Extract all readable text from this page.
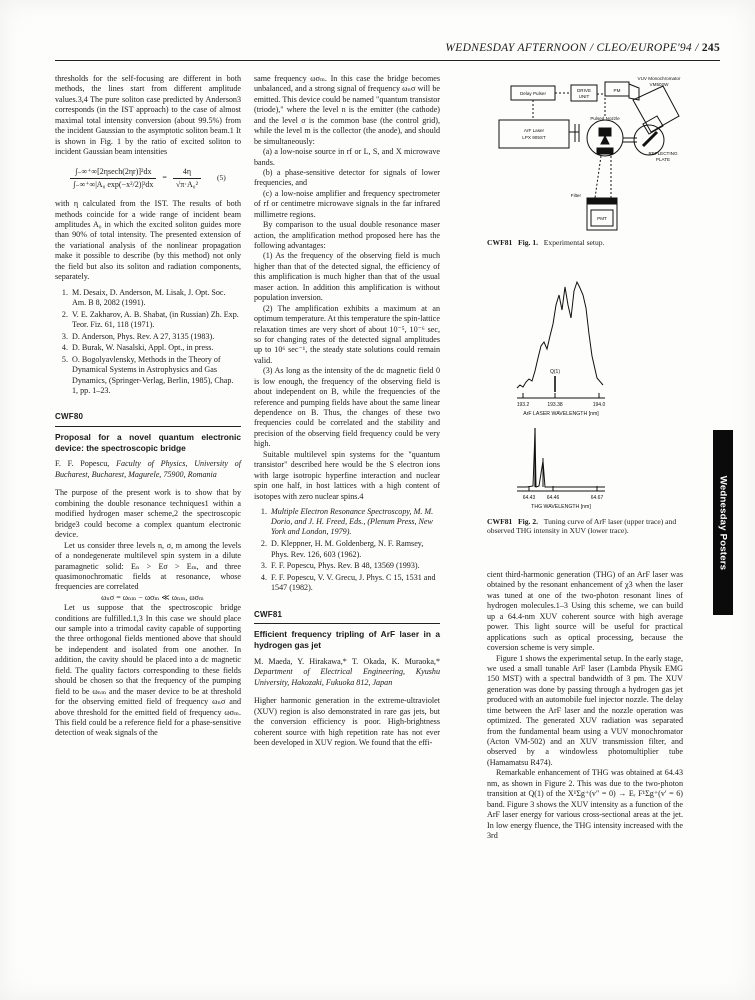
WEDNESDAY AFTERNOON / CLEO/EUROPE'94 / 245

thresholds for the self-focusing are different in both methods, the lines start from different amplitude values.3,4 The pure soliton case predicted by Anderson3 corresponds (in the IST approach) to the case of almost maximal total intensity conversion (about 99.5%) from the incident Gaussian to the asymptotic soliton beam.1 It is shown in Fig. 1 by the ratio of excited soliton to incident Gaussian beam intensities

$\frac{\text{∫₋∞⁺∞[2ηsech(2ηr)]²dx}}{\text{∫₋∞⁺∞|A₀ exp(−x²/2)|²dx}} = \frac{4\eta}{\text{√π·A₀²}} (5)$

with η calculated from the IST. The results of both methods coincide for a wide range of incident beam amplitudes A₀ in which the excited soliton guides more than 90% of total intensity. The presented extension of the variational analysis of the nonlinear propagation make it possible to describe (by this method) not only the field but also its soliton and radiation components, separately.

1. M. Desaix, D. Anderson, M. Lisak, J. Opt. Soc. Am. B 8, 2082 (1991).
2. V. E. Zakharov, A. B. Shabat, (in Russian) Zh. Exp. Teor. Fiz. 61, 118 (1971).
3. D. Anderson, Phys. Rev. A 27, 3135 (1983).
4. D. Burak, W. Nasalski, Appl. Opt., in press.
5. O. Bogolyavlensky, Methods in the Theory of Dynamical Systems in Astrophysics and Gas Dynamics, (Springer-Verlag, Berlin, 1985), Chap. 1, pp. 1–23.
CWF80
Proposal for a novel quantum electronic device: the spectroscopic bridge
F. F. Popescu, Faculty of Physics, University of Bucharest, Bucharest, Magurele, 75900, Romania

The purpose of the present work is to show that by combining the double resonance techniques1 within a modified hydrogen maser scheme,2 the spectroscopic bridge3 could become a complex quantum electronic device.

Let us consider three levels n, σ, m among the levels of a nondegenerate multilevel spin system in a dilute paramagnetic solid: Eₙ > Eσ > Eₘ, and three quasimonochromatic fields at resonance, whose frequencies are correlated

ωₙσ = ωₙₘ − ωσₘ ≪ ωₙₘ, ωσₘ

Let us suppose that the spectroscopic bridge conditions are fulfilled.1,3 In this case we should place our sample into a trimodal cavity capable of supporting the three orthogonal fields mentioned above that should be independent and isolated from one another. In addition, the cavity should be placed into a dc magnetic field. The quality factors corresponding to these fields should be chosen so that the frequency of the pumping field to be ωₙₘ and the maser device to be at threshold for the observing emitted field of frequency ωₙσ and above threshold for the emitted field of frequency ωσₘ. This field could be a reference field for a phase-sensitive detection of weak signals of the

same frequency ωσₘ. In this case the bridge becomes unbalanced, and a strong signal of frequency ωₙσ will be emitted. This device could be named "quantum transistor (triode)," where the level n is the emitter (the cathode) and the level σ is the common base (the control grid), while the level m is the collector (the anode), and should be simultaneously:

(a) a low-noise source in rf or L, S, and X microwave bands.

(b) a phase-sensitive detector for signals of lower frequencies, and

(c) a low-noise amplifier and frequency spectrometer of rf or centimetre microwave signals in the far infrared millimetre regions.

By comparison to the usual double resonance maser action, the amplification method proposed here has the following advantages:

(1) As the frequency of the observing field is much higher than that of the detected signal, the efficiency of this amplification is much higher than that of the usual maser action. In addition this amplification is without population inversion.

(2) The amplification exhibits a maximum at an optimum temperature. At this temperature the spin-lattice relaxation times are very short of about 10⁻⁵, 10⁻⁶ sec, so for changing rates of the detected signal amplitudes up to 10⁶ sec⁻¹, the steady state solutions could remain valid.

(3) As long as the intensity of the dc magnetic field 0 is low enough, the frequency of the observing field is about independent on B, while the frequencies of the reference and pumping fields have about the same linear dependence on B. Thus, the changes of these two frequencies could be correlated and the stability and precision of the observing field frequency could be very high.

Suitable multilevel spin systems for the "quantum transistor" described here would be the S electron ions with large isotropic hyperfine interaction and nuclear spin one half, in host lattices with a high content of isotopes with zero nuclear spins.4

1. Multiple Electron Resonance Spectroscopy, M. M. Dorio, and J. H. Freed, Eds., (Plenum Press, New York and London, 1979).
2. D. Kleppner, H. M. Goldenberg, N. F. Ramsey, Phys. Rev. 126, 603 (1962).
3. F. F. Popescu, Phys. Rev. B 48, 13569 (1993).
4. F. F. Popescu, V. V. Grecu, J. Phys. C 15, 1531 and 1547 (1982).
CWF81
Efficient frequency tripling of ArF laser in a hydrogen gas jet
M. Maeda, Y. Hirakawa,* T. Okada, K. Muraoka,* Department of Electrical Engineering, Kyushu University, Hakozaki, Fukuoka 812, Japan

Higher harmonic generation in the extreme-ultraviolet (XUV) region is also demonstrated in rare gas jets, but the conversion efficiency is poor. High-brightness coherent source with high repetition rate has not ever been developed in XUV region. We found that the effi-

cient third-harmonic generation (THG) of an ArF laser was obtained by the resonant enhancement of χ3 when the laser was tuned at one of the two-photon resonant lines of hydrogen molecules.1–3 Using this scheme, we can build up a 64.4-nm XUV coherent source with high average power. This light source will be useful for practical applications such as optical processing, because the coversion scheme is very simple.

Figure 1 shows the experimental setup. In the early stage, we used a small tunable ArF laser (Lambda Physik EMG 150 MST) with a spectral bandwidth of 3 pm. The XUV generation was done by passing through a hydrogen gas jet produced with an automobile fuel injector nozzle. The delay time between the ArF laser and the nozzle operation was optimized. The generated XUV radiation was separated from the fundamental beam using a VUV monochromator (Acton VM-502) and an XUV transmission filter, and observed by a windowless photomultiplier tube (Hamamatsu R474).

Remarkable enhancement of THG was obtained at 64.43 nm, as shown in Figure 2. This was due to the two-photon transition at Q(1) of the X¹Σg⁺(v″ = 0) → Eᵣ F¹Σg⁺(v′ = 6) band. Figure 3 shows the XUV intensity as a function of the ArF laser energy for various cross-sectional areas at the jet. In low energy fluence, the THG intensity increased with the 3rd

Delay Pulser
DRIVE
UNIT
ArF Laser
LPX 905ST
VUV Monochromator
VM502W
PM
Pulsed Nozzle
REFLECTING
PLATE
Filter
PMT
CWF81 Fig. 1. Experimental setup.
Q(1)
193.2	193.38	194.0
ArF LASER WAVELENGTH [nm]
64.43 64.46	64.67
THG WAVELENGTH [nm]
CWF81 Fig. 2. Tuning curve of ArF laser (upper trace) and observed THG intensity in XUV (lower trace).	Wednesday Posters
